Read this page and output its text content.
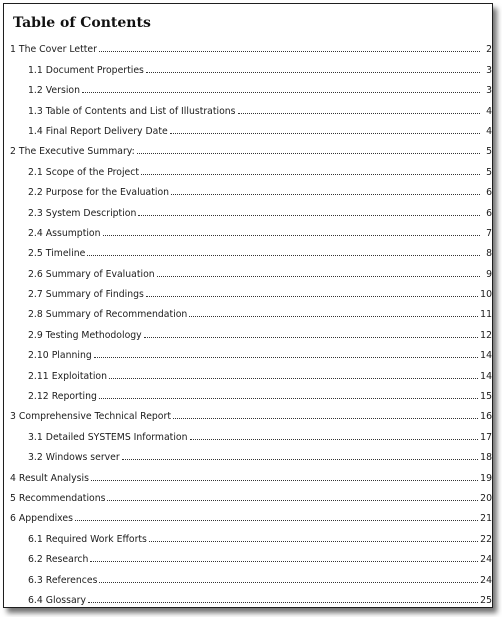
Table of Contents
1 The Cover Letter	2
1.1 Document Properties	3
1.2 Version	3
1.3 Table of Contents and List of Illustrations	4
1.4 Final Report Delivery Date	4
2 The Executive Summary:	5
2.1 Scope of the Project	5
2.2 Purpose for the Evaluation	6
2.3 System Description	6
2.4 Assumption	7
2.5 Timeline	8
2.6 Summary of Evaluation	9
2.7 Summary of Findings	10
2.8 Summary of Recommendation	11
2.9 Testing Methodology	12
2.10 Planning	14
2.11 Exploitation	14
2.12 Reporting	15
3 Comprehensive Technical Report	16
3.1 Detailed SYSTEMS Information	17
3.2 Windows server	18
4 Result Analysis	19
5 Recommendations	20
6 Appendixes	21
6.1 Required Work Efforts	22
6.2 Research	24
6.3 References	24
6.4 Glossary	25
